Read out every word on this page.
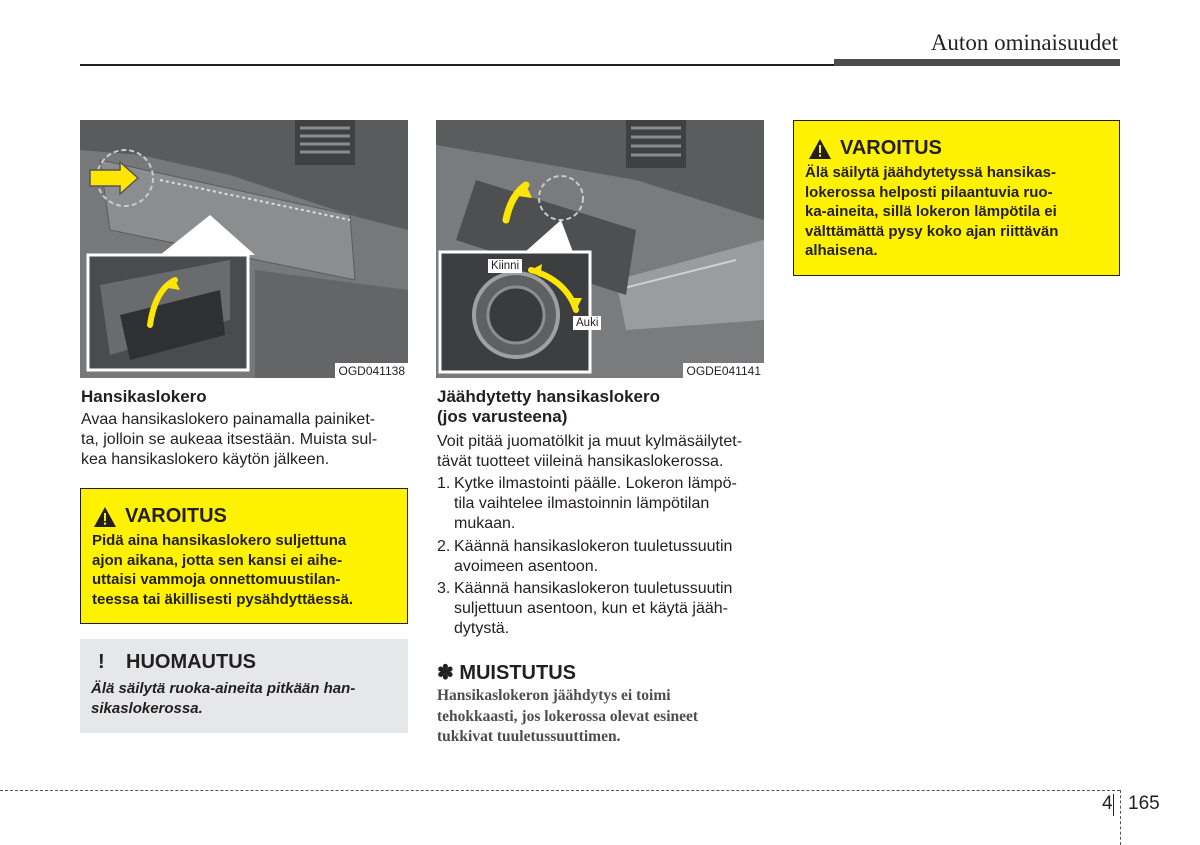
Auton ominaisuudet
OGD041138
Kiinni
Auki
OGDE041141
Hansikaslokero
Avaa hansikaslokero painamalla painiket-
ta, jolloin se aukeaa itsestään. Muista sul-
kea hansikaslokero käytön jälkeen.
VAROITUS
Pidä aina hansikaslokero suljettuna
ajon aikana, jotta sen kansi ei aihe-
uttaisi vammoja onnettomuustilan-
teessa tai äkillisesti pysähdyttäessä.
!	HUOMAUTUS
Älä säilytä ruoka-aineita pitkään han-
sikaslokerossa.
Jäähdytetty hansikaslokero
(jos varusteena)
Voit pitää juomatölkit ja muut kylmäsäilytet-
tävät tuotteet viileinä hansikaslokerossa.
1. Kytke ilmastointi päälle. Lokeron lämpö-
tila vaihtelee ilmastoinnin lämpötilan
mukaan.
2. Käännä hansikaslokeron tuuletussuutin
avoimeen asentoon.
3. Käännä hansikaslokeron tuuletussuutin
suljettuun asentoon, kun et käytä jääh-
dytystä.
✽ MUISTUTUS
Hansikaslokeron jäähdytys ei toimi
tehokkaasti, jos lokerossa olevat esineet
tukkivat tuuletussuuttimen.
VAROITUS
Älä säilytä jäähdytetyssä hansikas-
lokerossa helposti pilaantuvia ruo-
ka-aineita, sillä lokeron lämpötila ei
välttämättä pysy koko ajan riittävän
alhaisena.
4 165
